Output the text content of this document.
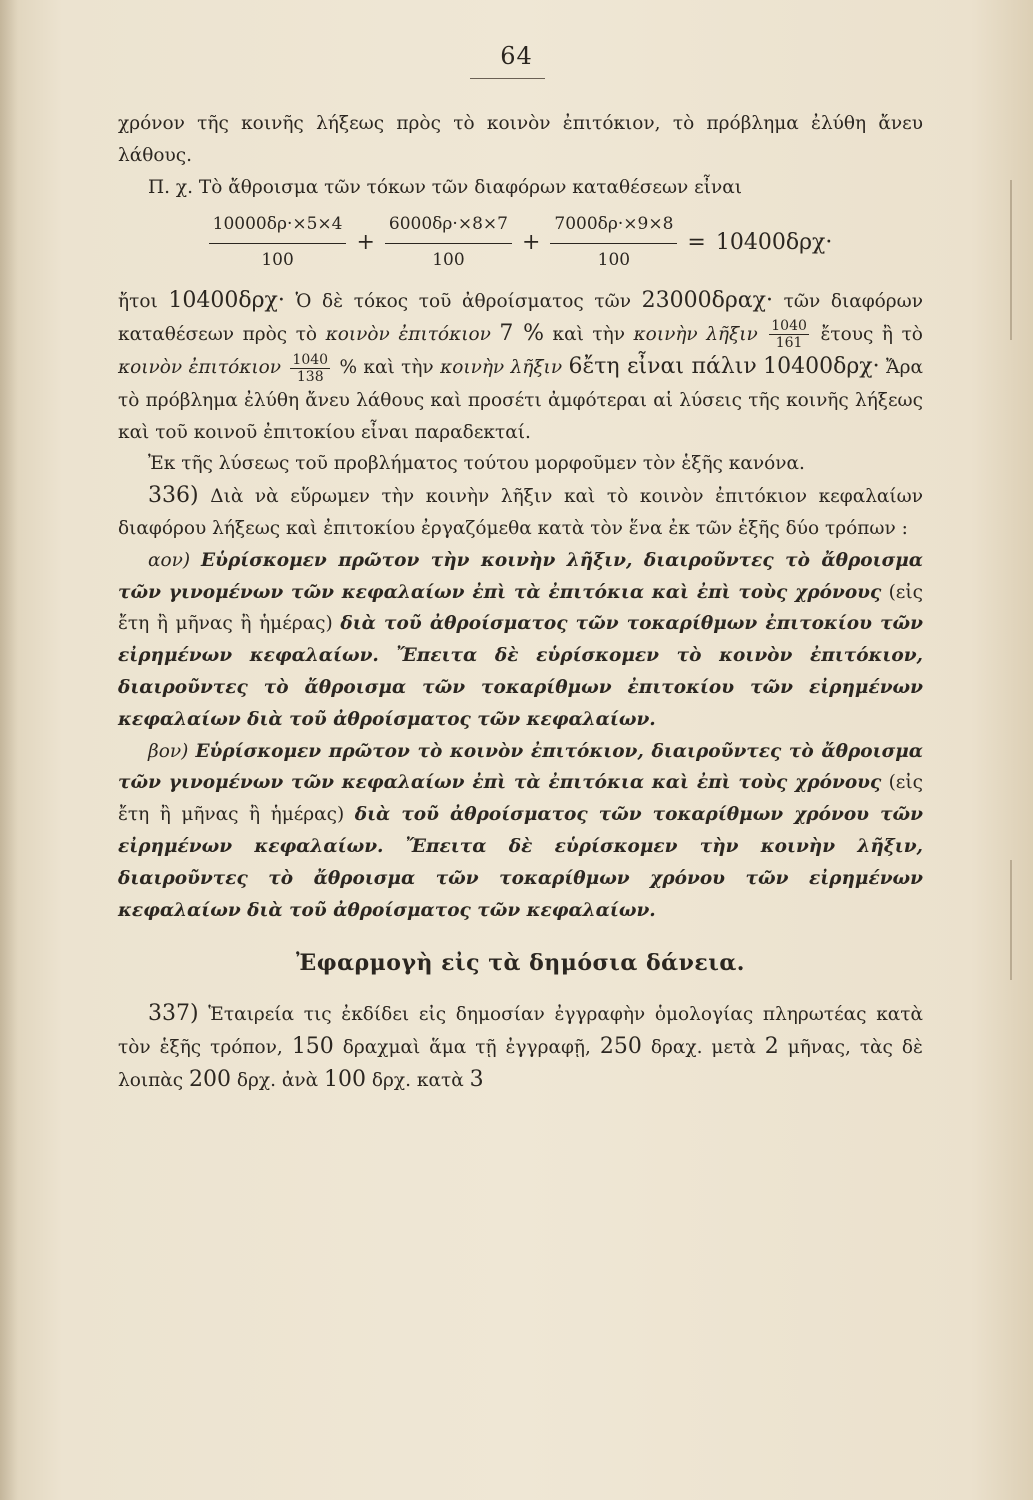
64

χρόνον τῆς κοινῆς λήξεως πρὸς τὸ κοινὸν ἐπιτόκιον, τὸ πρόβλημα ἐλύθη ἄνευ λάθους.

Π. χ. Τὸ ἄθροισμα τῶν τόκων τῶν διαφόρων καταθέσεων εἶναι

$\frac{10000\delta\rho\cdot\times 5\times 4}{100} + \frac{6000\delta\rho\cdot\times 8\times 7}{100} + \frac{7000\delta\rho\cdot\times 9\times 8}{100} = 10400\delta\rho\chi\cdot$

ἤτοι 10400δρχ· Ὁ δὲ τόκος τοῦ ἀθροίσματος τῶν 23000δραχ· τῶν διαφόρων καταθέσεων πρὸς τὸ κοινὸν ἐπιτόκιον 7 % καὶ τὴν κοινὴν λῆξιν $\frac{1040}{161}$ ἔτους ἢ τὸ κοινὸν ἐπιτόκιον $\frac{1040}{138}$ % καὶ τὴν κοινὴν λῆξιν 6ἔτη εἶναι πάλιν 10400δρχ· Ἄρα τὸ πρόβλημα ἐλύθη ἄνευ λάθους καὶ προσέτι ἀμφότεραι αἱ λύσεις τῆς κοινῆς λήξεως καὶ τοῦ κοινοῦ ἐπιτοκίου εἶναι παραδεκταί.

Ἐκ τῆς λύσεως τοῦ προβλήματος τούτου μορφοῦμεν τὸν ἑξῆς κανόνα.

336) Διὰ νὰ εὕρωμεν τὴν κοινὴν λῆξιν καὶ τὸ κοινὸν ἐπιτόκιον κεφαλαίων διαφόρου λήξεως καὶ ἐπιτοκίου ἐργαζόμεθα κατὰ τὸν ἕνα ἐκ τῶν ἑξῆς δύο τρόπων :

αον) Εὑρίσκομεν πρῶτον τὴν κοινὴν λῆξιν, διαιροῦντες τὸ ἄθροισμα τῶν γινομένων τῶν κεφαλαίων ἐπὶ τὰ ἐπιτόκια καὶ ἐπὶ τοὺς χρόνους (εἰς ἔτη ἢ μῆνας ἢ ἡμέρας) διὰ τοῦ ἀθροίσματος τῶν τοκαρίθμων ἐπιτοκίου τῶν εἰρημένων κεφαλαίων. Ἔπειτα δὲ εὑρίσκομεν τὸ κοινὸν ἐπιτόκιον, διαιροῦντες τὸ ἄθροισμα τῶν τοκαρίθμων ἐπιτοκίου τῶν εἰρημένων κεφαλαίων διὰ τοῦ ἀθροίσματος τῶν κεφαλαίων.

βον) Εὑρίσκομεν πρῶτον τὸ κοινὸν ἐπιτόκιον, διαιροῦντες τὸ ἄθροισμα τῶν γινομένων τῶν κεφαλαίων ἐπὶ τὰ ἐπιτόκια καὶ ἐπὶ τοὺς χρόνους (εἰς ἔτη ἢ μῆνας ἢ ἡμέρας) διὰ τοῦ ἀθροίσματος τῶν τοκαρίθμων χρόνου τῶν εἰρημένων κεφαλαίων. Ἔπειτα δὲ εὑρίσκομεν τὴν κοινὴν λῆξιν, διαιροῦντες τὸ ἄθροισμα τῶν τοκαρίθμων χρόνου τῶν εἰρημένων κεφαλαίων διὰ τοῦ ἀθροίσματος τῶν κεφαλαίων.

Ἐφαρμογὴ εἰς τὰ δημόσια δάνεια.

337) Ἑταιρεία τις ἐκδίδει εἰς δημοσίαν ἐγγραφὴν ὁμολογίας πληρωτέας κατὰ τὸν ἑξῆς τρόπον, 150 δραχμαὶ ἅμα τῇ ἐγγραφῇ, 250 δραχ. μετὰ 2 μῆνας, τὰς δὲ λοιπὰς 200 δρχ. ἀνὰ 100 δρχ. κατὰ 3
